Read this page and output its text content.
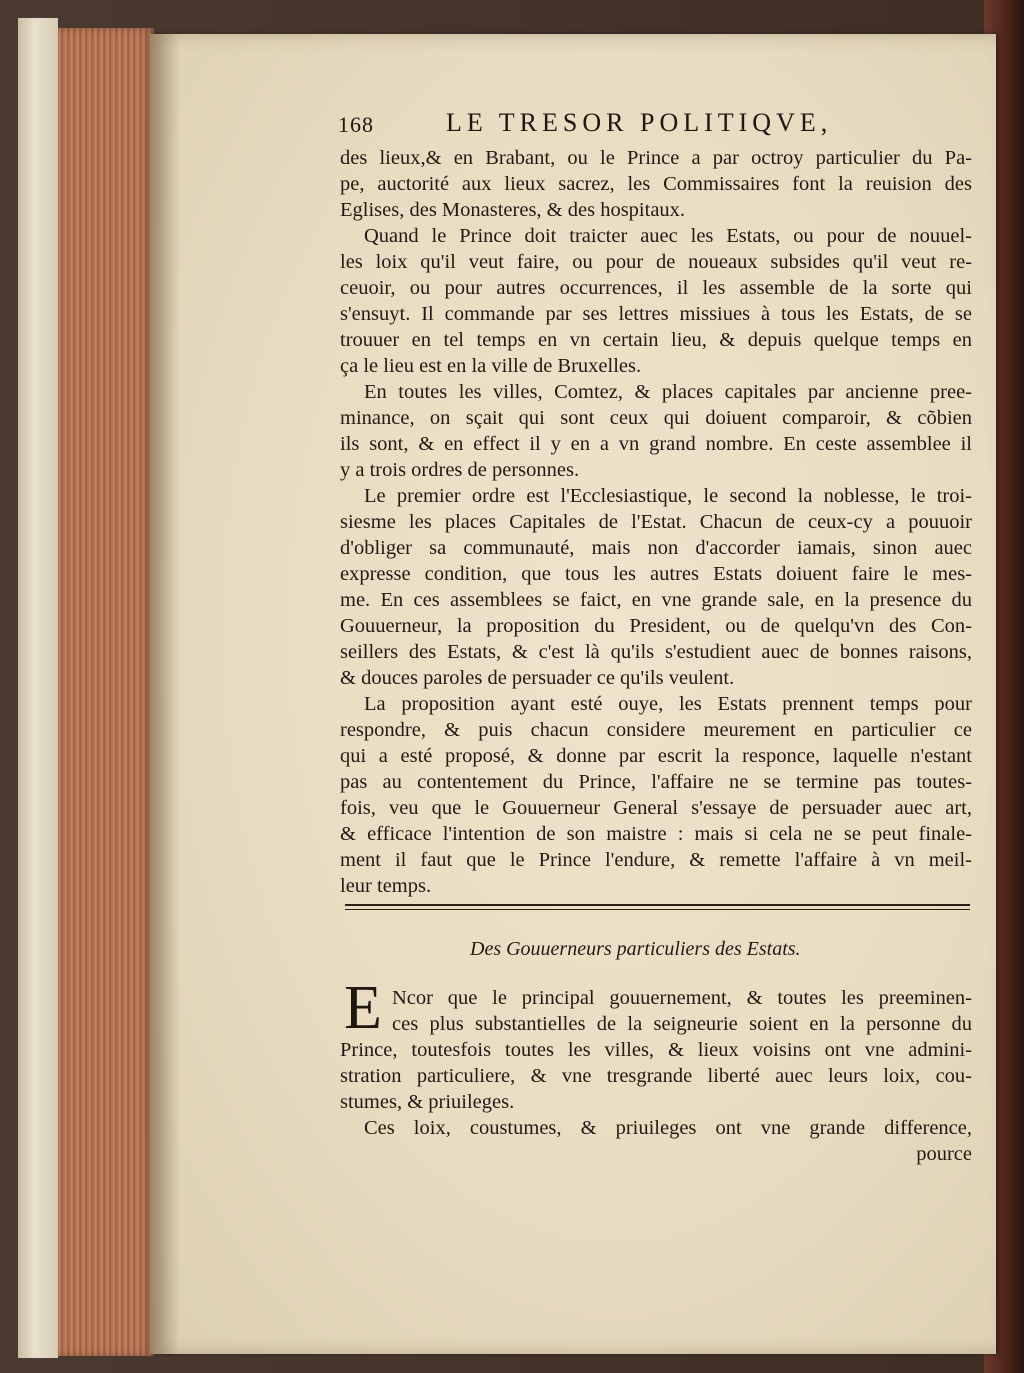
168	LE TRESOR POLITIQVE,
des lieux,& en Brabant, ou le Prince a par octroy particulier du Pa-
pe, auctorité aux lieux sacrez, les Commissaires font la reuision des
Eglises, des Monasteres, & des hospitaux.
Quand le Prince doit traicter auec les Estats, ou pour de nouuel-
les loix qu'il veut faire, ou pour de noueaux subsides qu'il veut re-
ceuoir, ou pour autres occurrences, il les assemble de la sorte qui
s'ensuyt. Il commande par ses lettres missiues à tous les Estats, de se
trouuer en tel temps en vn certain lieu, & depuis quelque temps en
ça le lieu est en la ville de Bruxelles.
En toutes les villes, Comtez, & places capitales par ancienne pree-
minance, on sçait qui sont ceux qui doiuent comparoir, & cõbien
ils sont, & en effect il y en a vn grand nombre. En ceste assemblee il
y a trois ordres de personnes.
Le premier ordre est l'Ecclesiastique, le second la noblesse, le troi-
siesme les places Capitales de l'Estat. Chacun de ceux-cy a pouuoir
d'obliger sa communauté, mais non d'accorder iamais, sinon auec
expresse condition, que tous les autres Estats doiuent faire le mes-
me. En ces assemblees se faict, en vne grande sale, en la presence du
Gouuerneur, la proposition du President, ou de quelqu'vn des Con-
seillers des Estats, & c'est là qu'ils s'estudient auec de bonnes raisons,
& douces paroles de persuader ce qu'ils veulent.
La proposition ayant esté ouye, les Estats prennent temps pour
respondre, & puis chacun considere meurement en particulier ce
qui a esté proposé, & donne par escrit la responce, laquelle n'estant
pas au contentement du Prince, l'affaire ne se termine pas toutes-
fois, veu que le Gouuerneur General s'essaye de persuader auec art,
& efficace l'intention de son maistre : mais si cela ne se peut finale-
ment il faut que le Prince l'endure, & remette l'affaire à vn meil-
leur temps.
Des Gouuerneurs particuliers des Estats.
E Ncor que le principal gouuernement, & toutes les preeminen-
ces plus substantielles de la seigneurie soient en la personne du
Prince, toutesfois toutes les villes, & lieux voisins ont vne admini-
stration particuliere, & vne tresgrande liberté auec leurs loix, cou-
stumes, & priuileges.
Ces loix, coustumes, & priuileges ont vne grande difference,
pource
